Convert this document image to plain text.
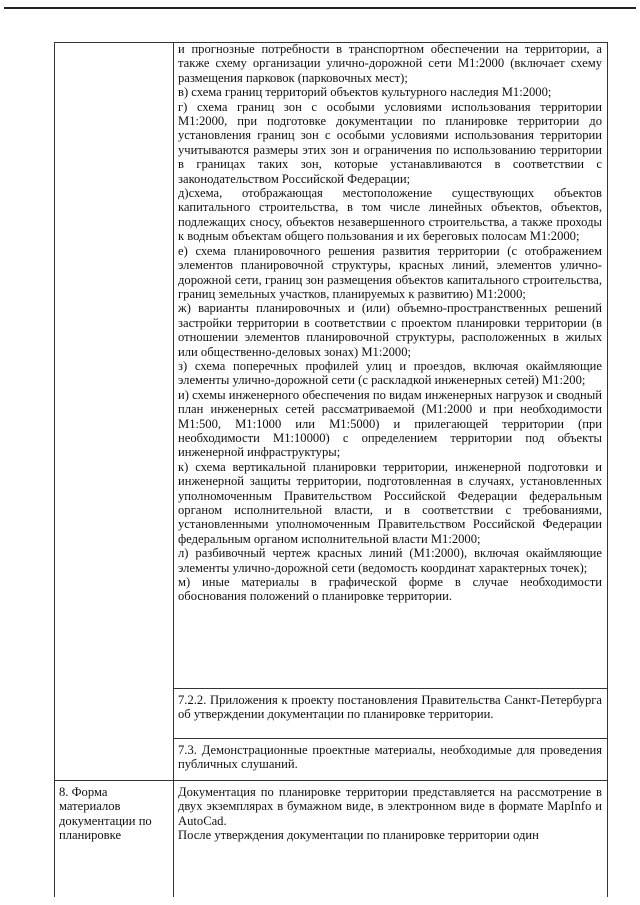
и прогнозные потребности в транспортном обеспечении на территории, а также схему организации улично-дорожной сети М1:2000 (включает схему размещения парковок (парковочных мест);

в) схема границ территорий объектов культурного наследия М1:2000;

г) схема границ зон с особыми условиями использования территории М1:2000, при подготовке документации по планировке территории до установления границ зон с особыми условиями использования территории учитываются размеры этих зон и ограничения по использованию территории в границах таких зон, которые устанавливаются в соответствии с законодательством Российской Федерации;

д)схема, отображающая местоположение существующих объектов капитального строительства, в том числе линейных объектов, объектов, подлежащих сносу, объектов незавершенного строительства, а также проходы к водным объектам общего пользования и их береговых полосам М1:2000;

е) схема планировочного решения развития территории (с отображением элементов планировочной структуры, красных линий, элементов улично-дорожной сети, границ зон размещения объектов капитального строительства, границ земельных участков, планируемых к развитию) М1:2000;

ж) варианты планировочных и (или) объемно-пространственных решений застройки территории в соответствии с проектом планировки территории (в отношении элементов планировочной структуры, расположенных в жилых или общественно-деловых зонах) М1:2000;

з) схема поперечных профилей улиц и проездов, включая окаймляющие элементы улично-дорожной сети (с раскладкой инженерных сетей) М1:200;

и) схемы инженерного обеспечения по видам инженерных нагрузок и сводный план инженерных сетей рассматриваемой (М1:2000 и при необходимости М1:500, М1:1000 или М1:5000) и прилегающей территории (при необходимости М1:10000) с определением территории под объекты инженерной инфраструктуры;

к) схема вертикальной планировки территории, инженерной подготовки и инженерной защиты территории, подготовленная в случаях, установленных уполномоченным Правительством Российской Федерации федеральным органом исполнительной власти, и в соответствии с требованиями, установленными уполномоченным Правительством Российской Федерации федеральным органом исполнительной власти М1:2000;

л) разбивочный чертеж красных линий (М1:2000), включая окаймляющие элементы улично-дорожной сети (ведомость координат характерных точек);

м) иные материалы в графической форме в случае необходимости обоснования положений о планировке территории.

7.2.2. Приложения к проекту постановления Правительства Санкт-Петербурга об утверждении документации по планировке территории.

7.3. Демонстрационные проектные материалы, необходимые для проведения публичных слушаний.

8. Форма
материалов
документации по
планировке

Документация по планировке территории представляется на рассмотрение в двух экземплярах в бумажном виде, в электронном виде в формате MapInfo и AutoCad.

После утверждения документации по планировке территории один
